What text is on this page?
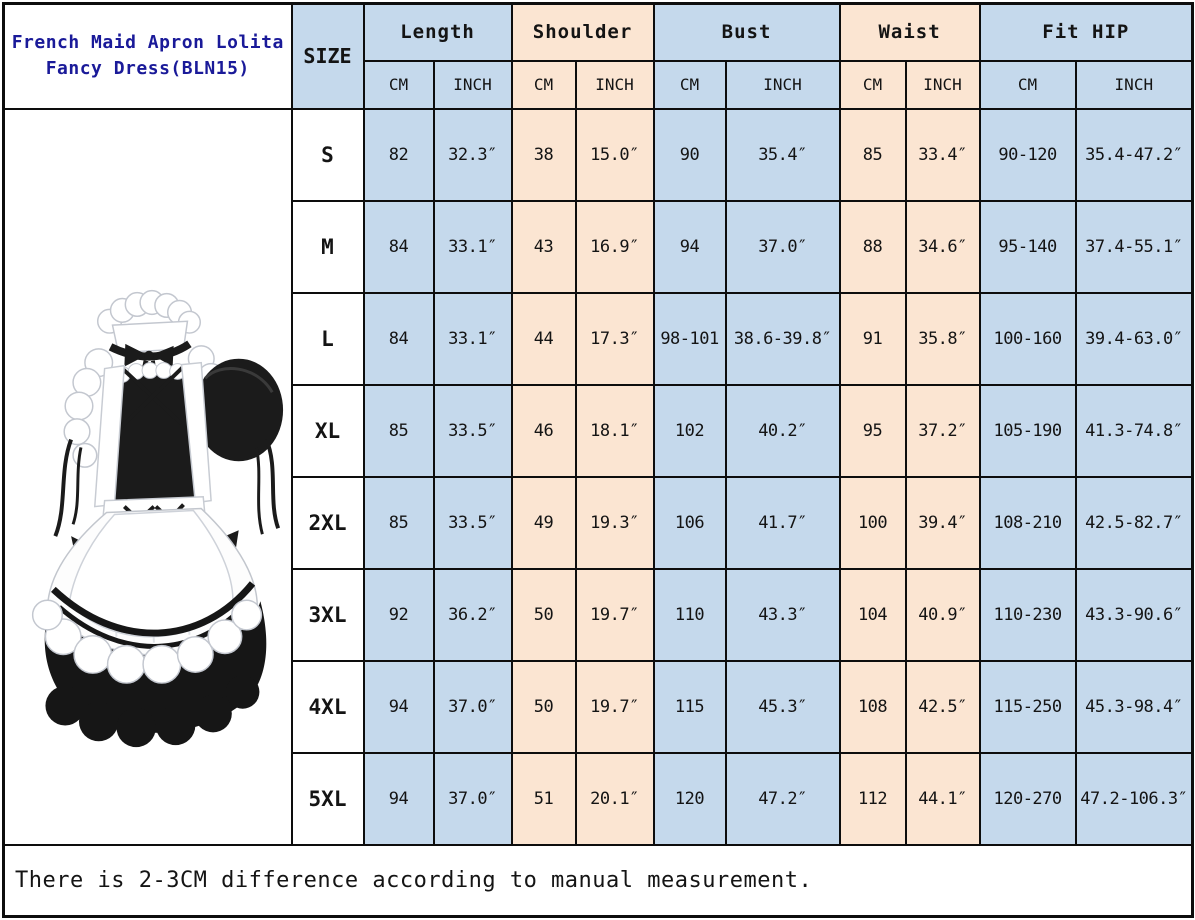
French Maid Apron Lolita
Fancy Dress(BLN15)	SIZE	Length		Shoulder		Bust		Waist		Fit HIP	
		CM	INCH	CM	INCH	CM	INCH	CM	INCH	CM	INCH

	S	82	32.3″	38	15.0″	90	35.4″	85	33.4″	90-120	35.4-47.2″
	M	84	33.1″	43	16.9″	94	37.0″	88	34.6″	95-140	37.4-55.1″
	L	84	33.1″	44	17.3″	98-101	38.6-39.8″	91	35.8″	100-160	39.4-63.0″
	XL	85	33.5″	46	18.1″	102	40.2″	95	37.2″	105-190	41.3-74.8″
	2XL	85	33.5″	49	19.3″	106	41.7″	100	39.4″	108-210	42.5-82.7″
	3XL	92	36.2″	50	19.7″	110	43.3″	104	40.9″	110-230	43.3-90.6″
	4XL	94	37.0″	50	19.7″	115	45.3″	108	42.5″	115-250	45.3-98.4″
	5XL	94	37.0″	51	20.1″	120	47.2″	112	44.1″	120-270	47.2-106.3″
There is 2-3CM difference according to manual measurement.											
